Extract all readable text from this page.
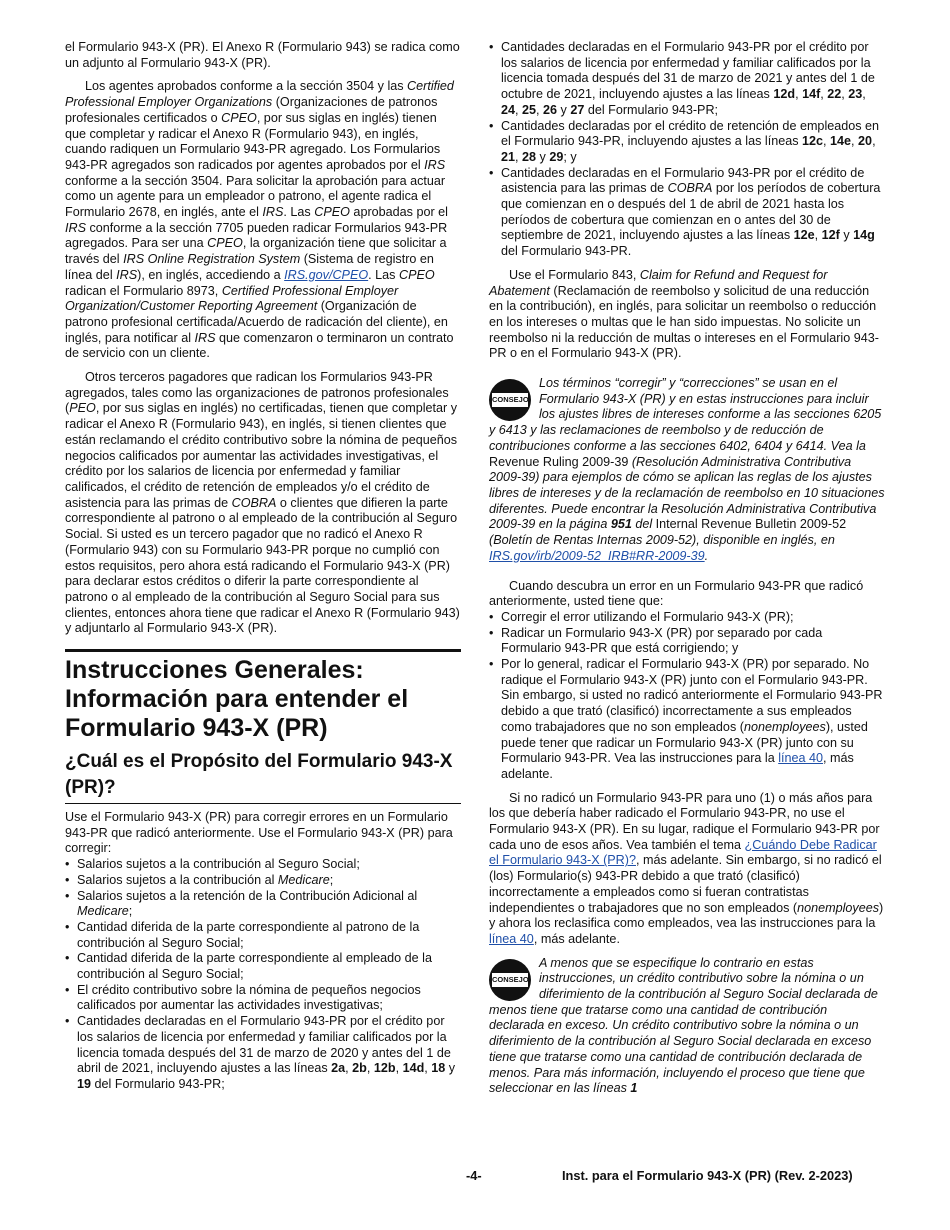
el Formulario 943-X (PR). El Anexo R (Formulario 943) se radica como un adjunto al Formulario 943-X (PR).

Los agentes aprobados conforme a la sección 3504 y las Certified Professional Employer Organizations (Organizaciones de patronos profesionales certificados o CPEO, por sus siglas en inglés) tienen que completar y radicar el Anexo R (Formulario 943), en inglés, cuando radiquen un Formulario 943-PR agregado. Los Formularios 943-PR agregados son radicados por agentes aprobados por el IRS conforme a la sección 3504. Para solicitar la aprobación para actuar como un agente para un empleador o patrono, el agente radica el Formulario 2678, en inglés, ante el IRS. Las CPEO aprobadas por el IRS conforme a la sección 7705 pueden radicar Formularios 943-PR agregados. Para ser una CPEO, la organización tiene que solicitar a través del IRS Online Registration System (Sistema de registro en línea del IRS), en inglés, accediendo a IRS.gov/CPEO. Las CPEO radican el Formulario 8973, Certified Professional Employer Organization/Customer Reporting Agreement (Organización de patrono profesional certificada/Acuerdo de radicación del cliente), en inglés, para notificar al IRS que comenzaron o terminaron un contrato de servicio con un cliente.

Otros terceros pagadores que radican los Formularios 943-PR agregados, tales como las organizaciones de patronos profesionales (PEO, por sus siglas en inglés) no certificadas, tienen que completar y radicar el Anexo R (Formulario 943), en inglés, si tienen clientes que están reclamando el crédito contributivo sobre la nómina de pequeños negocios calificados por aumentar las actividades investigativas, el crédito por los salarios de licencia por enfermedad y familiar calificados, el crédito de retención de empleados y/o el crédito de asistencia para las primas de COBRA o clientes que difieren la parte correspondiente al patrono o al empleado de la contribución al Seguro Social. Si usted es un tercero pagador que no radicó el Anexo R (Formulario 943) con su Formulario 943-PR porque no cumplió con estos requisitos, pero ahora está radicando el Formulario 943-X (PR) para declarar estos créditos o diferir la parte correspondiente al patrono o al empleado de la contribución al Seguro Social para sus clientes, entonces ahora tiene que radicar el Anexo R (Formulario 943) y adjuntarlo al Formulario 943-X (PR).

Instrucciones Generales: Información para entender el Formulario 943-X (PR)
¿Cuál es el Propósito del Formulario 943-X (PR)?

Use el Formulario 943-X (PR) para corregir errores en un Formulario 943-PR que radicó anteriormente. Use el Formulario 943-X (PR) para corregir:

• Salarios sujetos a la contribución al Seguro Social;

• Salarios sujetos a la contribución al Medicare;

• Salarios sujetos a la retención de la Contribución Adicional al Medicare;

• Cantidad diferida de la parte correspondiente al patrono de la contribución al Seguro Social;

• Cantidad diferida de la parte correspondiente al empleado de la contribución al Seguro Social;

• El crédito contributivo sobre la nómina de pequeños negocios calificados por aumentar las actividades investigativas;

• Cantidades declaradas en el Formulario 943-PR por el crédito por los salarios de licencia por enfermedad y familiar calificados por la licencia tomada después del 31 de marzo de 2020 y antes del 1 de abril de 2021, incluyendo ajustes a las líneas 2a, 2b, 12b, 14d, 18 y 19 del Formulario 943-PR;

• Cantidades declaradas en el Formulario 943-PR por el crédito por los salarios de licencia por enfermedad y familiar calificados por la licencia tomada después del 31 de marzo de 2021 y antes del 1 de octubre de 2021, incluyendo ajustes a las líneas 12d, 14f, 22, 23, 24, 25, 26 y 27 del Formulario 943-PR;

• Cantidades declaradas por el crédito de retención de empleados en el Formulario 943-PR, incluyendo ajustes a las líneas 12c, 14e, 20, 21, 28 y 29; y

• Cantidades declaradas en el Formulario 943-PR por el crédito de asistencia para las primas de COBRA por los períodos de cobertura que comienzan en o después del 1 de abril de 2021 hasta los períodos de cobertura que comienzan en o antes del 30 de septiembre de 2021, incluyendo ajustes a las líneas 12e, 12f y 14g del Formulario 943-PR.

Use el Formulario 843, Claim for Refund and Request for Abatement (Reclamación de reembolso y solicitud de una reducción en la contribución), en inglés, para solicitar un reembolso o reducción en los intereses o multas que le han sido impuestas. No solicite un reembolso ni la reducción de multas o intereses en el Formulario 943-PR o en el Formulario 943-X (PR).

CONSEJO
Los términos “corregir” y “correcciones” se usan en el Formulario 943-X (PR) y en estas instrucciones para incluir los ajustes libres de intereses conforme a las secciones 6205 y 6413 y las reclamaciones de reembolso y de reducción de contribuciones conforme a las secciones 6402, 6404 y 6414. Vea la Revenue Ruling 2009-39 (Resolución Administrativa Contributiva 2009-39) para ejemplos de cómo se aplican las reglas de los ajustes libres de intereses y de la reclamación de reembolso en 10 situaciones diferentes. Puede encontrar la Resolución Administrativa Contributiva 2009-39 en la página 951 del Internal Revenue Bulletin 2009-52 (Boletín de Rentas Internas 2009-52), disponible en inglés, en IRS.gov/irb/2009-52_IRB#RR-2009-39.

Cuando descubra un error en un Formulario 943-PR que radicó anteriormente, usted tiene que:

• Corregir el error utilizando el Formulario 943-X (PR);

• Radicar un Formulario 943-X (PR) por separado por cada Formulario 943-PR que está corrigiendo; y

• Por lo general, radicar el Formulario 943-X (PR) por separado. No radique el Formulario 943-X (PR) junto con el Formulario 943-PR. Sin embargo, si usted no radicó anteriormente el Formulario 943-PR debido a que trató (clasificó) incorrectamente a sus empleados como trabajadores que no son empleados (nonemployees), usted puede tener que radicar un Formulario 943-X (PR) junto con su Formulario 943-PR. Vea las instrucciones para la línea 40, más adelante.

Si no radicó un Formulario 943-PR para uno (1) o más años para los que debería haber radicado el Formulario 943-PR, no use el Formulario 943-X (PR). En su lugar, radique el Formulario 943-PR por cada uno de esos años. Vea también el tema ¿Cuándo Debe Radicar el Formulario 943-X (PR)?, más adelante. Sin embargo, si no radicó el (los) Formulario(s) 943-PR debido a que trató (clasificó) incorrectamente a empleados como si fueran contratistas independientes o trabajadores que no son empleados (nonemployees) y ahora los reclasifica como empleados, vea las instrucciones para la línea 40, más adelante.

CONSEJO
A menos que se especifique lo contrario en estas instrucciones, un crédito contributivo sobre la nómina o un diferimiento de la contribución al Seguro Social declarada de menos tiene que tratarse como una cantidad de contribución declarada en exceso. Un crédito contributivo sobre la nómina o un diferimiento de la contribución al Seguro Social declarada en exceso tiene que tratarse como una cantidad de contribución declarada de menos. Para más información, incluyendo el proceso que tiene que seleccionar en las líneas 1
-4-	Inst. para el Formulario 943-X (PR) (Rev. 2-2023)
